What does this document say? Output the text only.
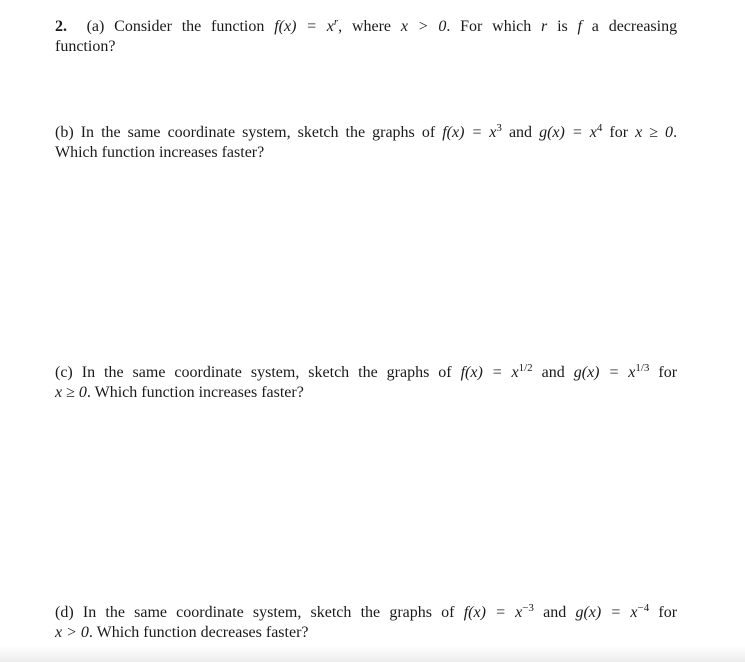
2. (a) Consider the function $f(x) = x^r$, where x > 0. For which r is f a decreasing
function?
(b) In the same coordinate system, sketch the graphs of $f(x) = x^3$ and $g(x) = x^4$ for x ≥ 0.
Which function increases faster?
(c) In the same coordinate system, sketch the graphs of $f(x) = x^{1/2}$ and $g(x) = x^{1/3}$ for
x ≥ 0. Which function increases faster?
(d) In the same coordinate system, sketch the graphs of $f(x) = x^{-3}$ and $g(x) = x^{-4}$ for
x > 0. Which function decreases faster?
